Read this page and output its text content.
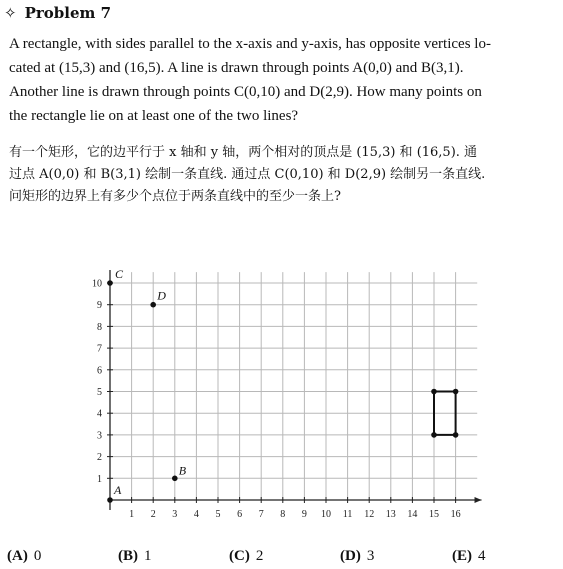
✧ Problem 7
A rectangle, with sides parallel to the x-axis and y-axis, has opposite vertices lo-
cated at (15,3) and (16,5). A line is drawn through points A(0,0) and B(3,1).
Another line is drawn through points C(0,10) and D(2,9). How many points on
the rectangle lie on at least one of the two lines?
有一个矩形，它的边平行于 x 轴和 y 轴，两个相对的顶点是 (15,3) 和 (16,5). 通
过点 A(0,0) 和 B(3,1) 绘制一条直线. 通过点 C(0,10) 和 D(2,9) 绘制另一条直线.
问矩形的边界上有多少个点位于两条直线中的至少一条上?
1 2 3 4 5 6 7 8 9 10 11 12 13 14 15 16
1
2
3
4
5
6
7
8
9
10
A
B
C
D
(A) 0	(B) 1	(C) 2	(D) 3	(E) 4
